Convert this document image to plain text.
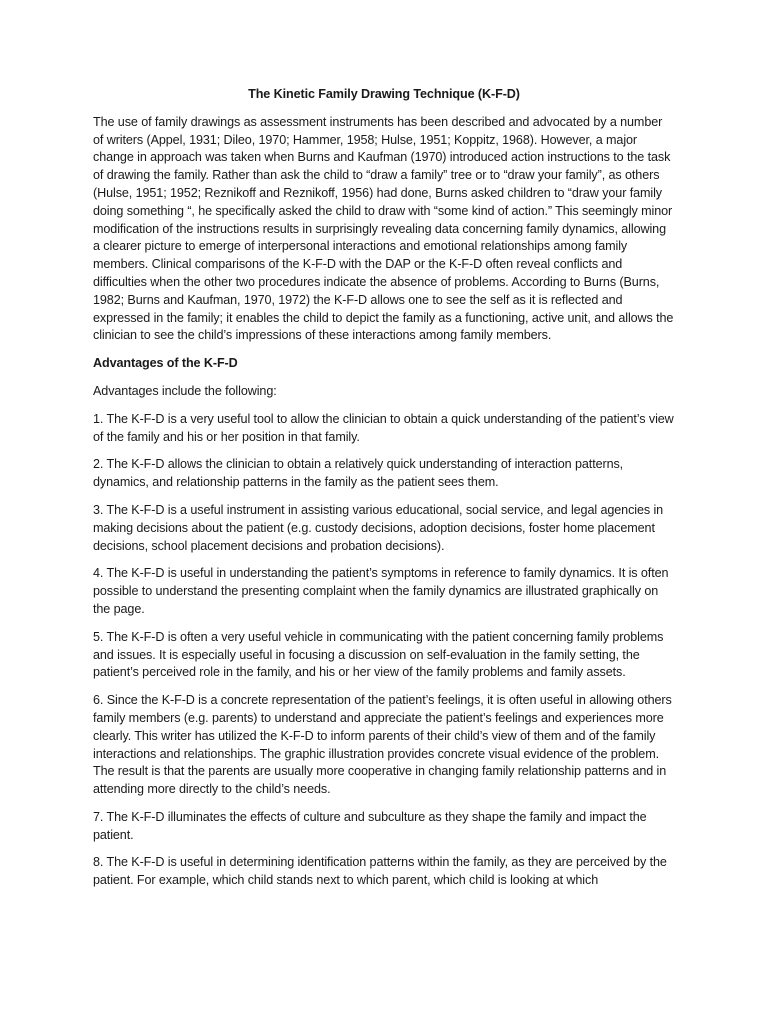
The Kinetic Family Drawing Technique (K-F-D)
The use of family drawings as assessment instruments has been described and advocated by a number of writers (Appel, 1931; Dileo, 1970; Hammer, 1958; Hulse, 1951; Koppitz, 1968). However, a major change in approach was taken when Burns and Kaufman (1970) introduced action instructions to the task of drawing the family. Rather than ask the child to “draw a family” tree or to “draw your family”, as others (Hulse, 1951; 1952; Reznikoff and Reznikoff, 1956) had done, Burns asked children to “draw your family doing something “, he specifically asked the child to draw with “some kind of action.” This seemingly minor modification of the instructions results in surprisingly revealing data concerning family dynamics, allowing a clearer picture to emerge of interpersonal interactions and emotional relationships among family members. Clinical comparisons of the K-F-D with the DAP or the K-F-D often reveal conflicts and difficulties when the other two procedures indicate the absence of problems. According to Burns (Burns, 1982; Burns and Kaufman, 1970, 1972) the K-F-D allows one to see the self as it is reflected and expressed in the family; it enables the child to depict the family as a functioning, active unit, and allows the clinician to see the child’s impressions of these interactions among family members.
Advantages of the K-F-D
Advantages include the following:
1. The K-F-D is a very useful tool to allow the clinician to obtain a quick understanding of the patient’s view of the family and his or her position in that family.
2. The K-F-D allows the clinician to obtain a relatively quick understanding of interaction patterns, dynamics, and relationship patterns in the family as the patient sees them.
3. The K-F-D is a useful instrument in assisting various educational, social service, and legal agencies in making decisions about the patient (e.g. custody decisions, adoption decisions, foster home placement decisions, school placement decisions and probation decisions).
4. The K-F-D is useful in understanding the patient’s symptoms in reference to family dynamics. It is often possible to understand the presenting complaint when the family dynamics are illustrated graphically on the page.
5. The K-F-D is often a very useful vehicle in communicating with the patient concerning family problems and issues. It is especially useful in focusing a discussion on self-evaluation in the family setting, the patient’s perceived role in the family, and his or her view of the family problems and family assets.
6. Since the K-F-D is a concrete representation of the patient’s feelings, it is often useful in allowing others family members (e.g. parents) to understand and appreciate the patient’s feelings and experiences more clearly. This writer has utilized the K-F-D to inform parents of their child’s view of them and of the family interactions and relationships. The graphic illustration provides concrete visual evidence of the problem. The result is that the parents are usually more cooperative in changing family relationship patterns and in attending more directly to the child’s needs.
7. The K-F-D illuminates the effects of culture and subculture as they shape the family and impact the patient.
8. The K-F-D is useful in determining identification patterns within the family, as they are perceived by the patient. For example, which child stands next to which parent, which child is looking at which
